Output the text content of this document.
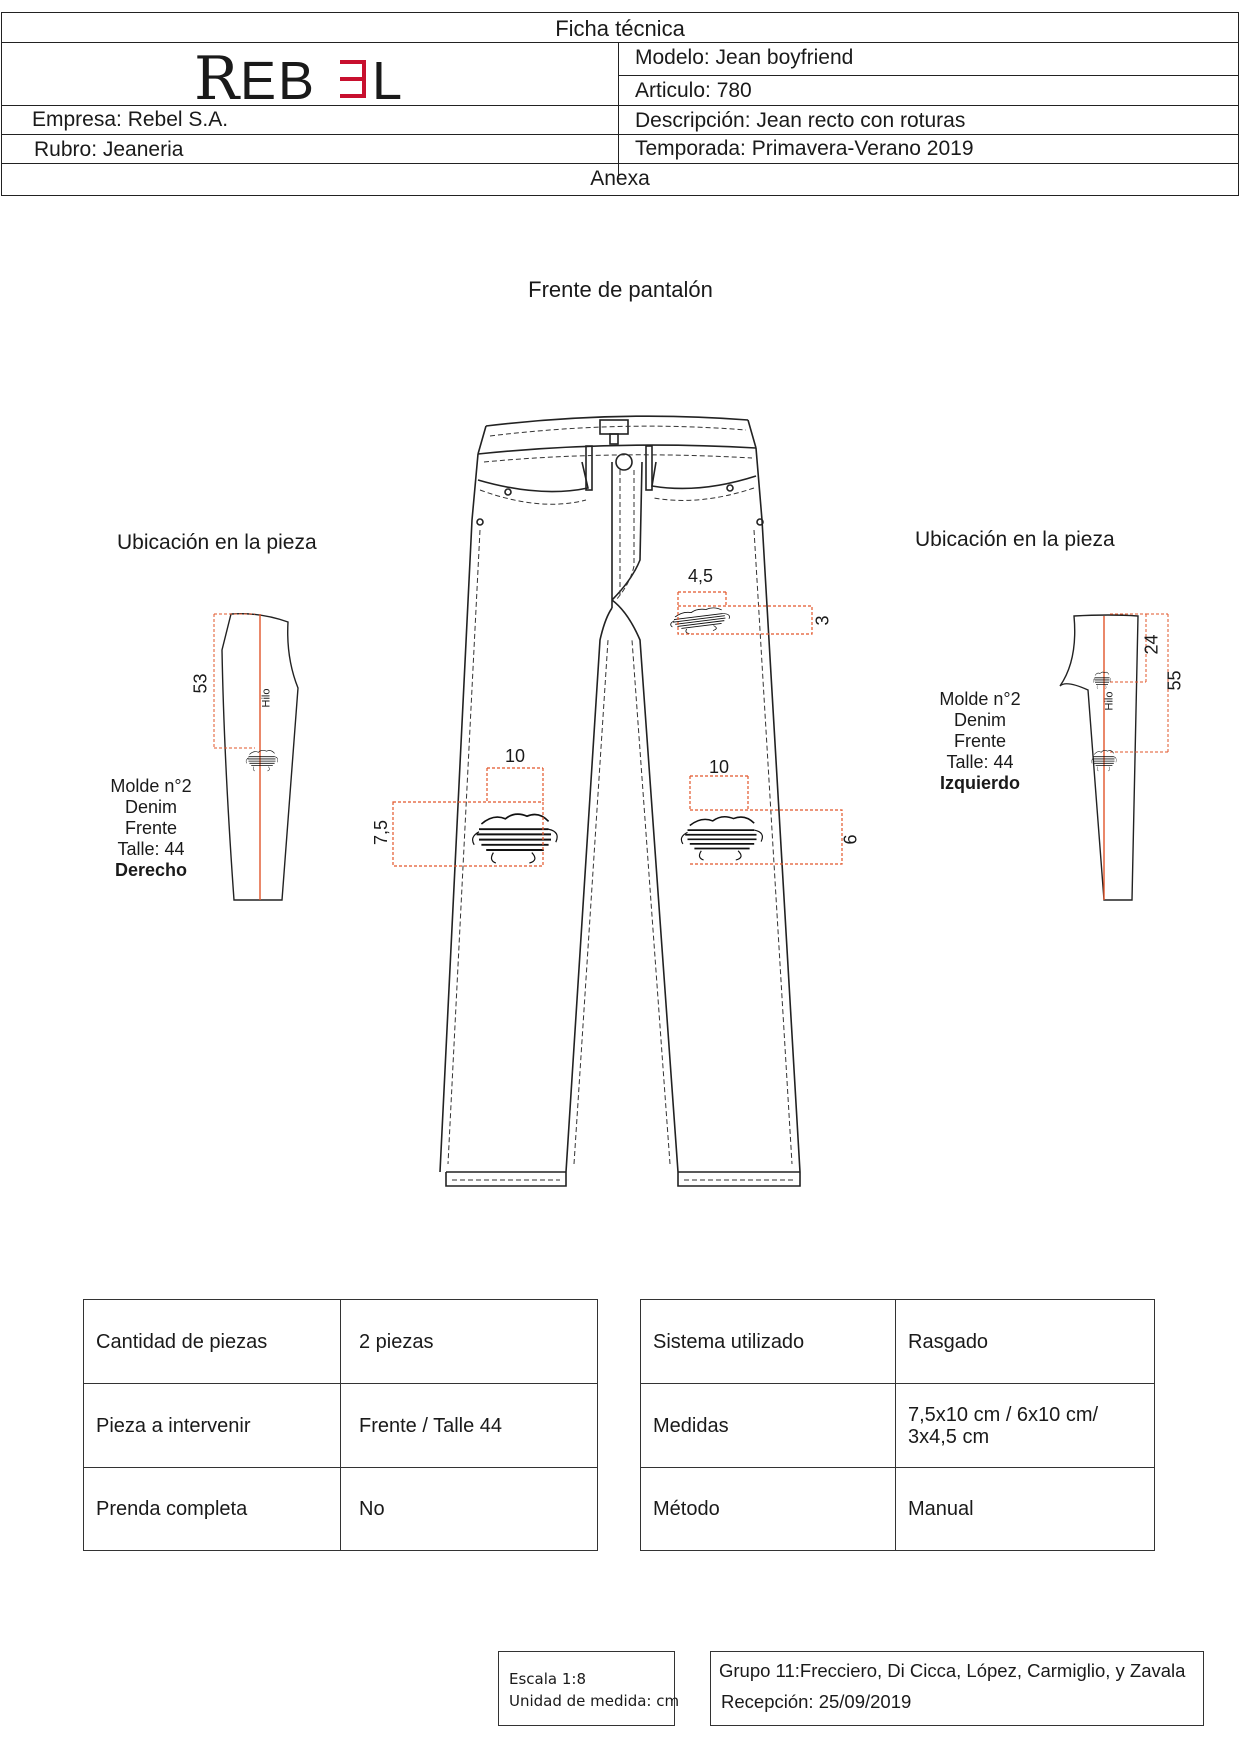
Ficha técnica
R EB L	Modelo: Jean boyfriend
Articulo: 780
Empresa: Rebel S.A.	Descripción: Jean recto con roturas
Rubro: Jeaneria	Temporada: Primavera-Verano 2019
Anexa
Frente de pantalón
Ubicación en la pieza	Ubicación en la pieza
4,5
3
10
7,5
10
6
53
Hilo
24
55
Hilo
Molde n°2
Denim
Frente
Talle: 44
Derecho
Molde n°2
Denim
Frente
Talle: 44
Izquierdo
Cantidad de piezas	2 piezas
Pieza a intervenir	Frente / Talle 44
Prenda completa	No
Sistema utilizado	Rasgado
Medidas	7,5x10 cm / 6x10 cm/
3x4,5 cm

Método	Manual
Escala 1:8
Unidad de medida: cm
Grupo 11:Frecciero, Di Cicca, López, Carmiglio, y Zavala
Recepción: 25/09/2019
